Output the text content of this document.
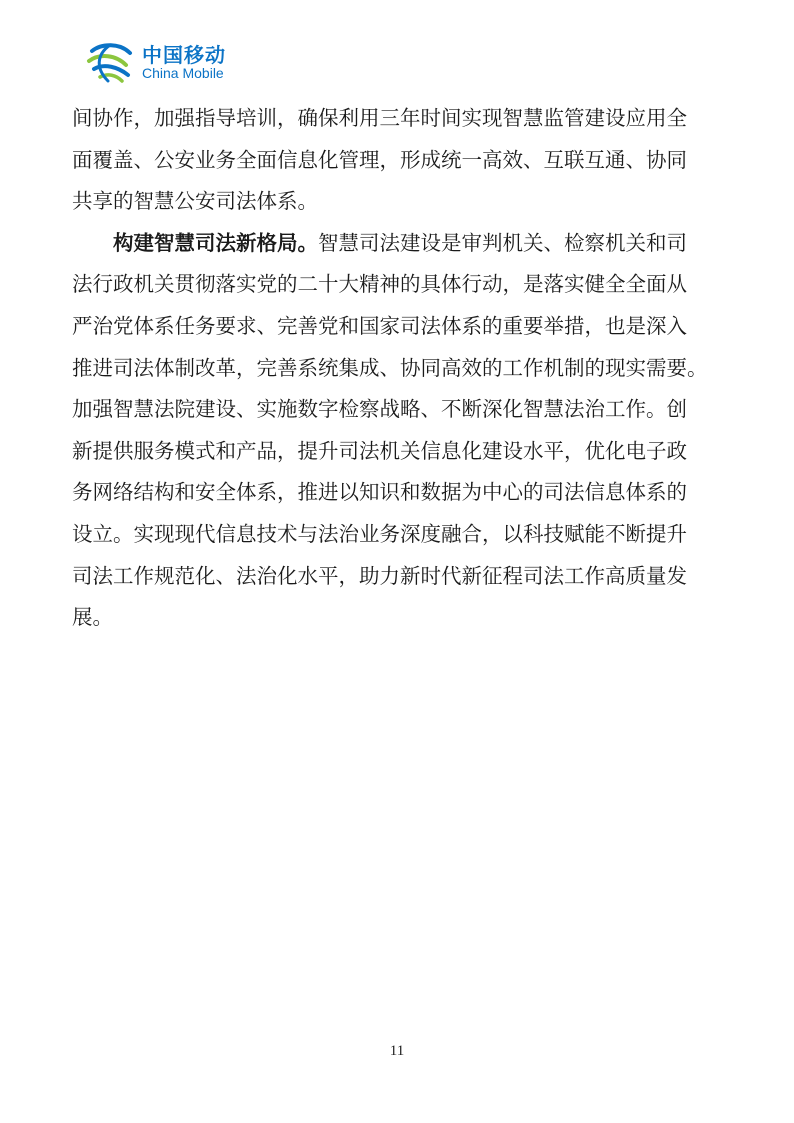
中国移动
China Mobile

间协作，加强指导培训，确保利用三年时间实现智慧监管建设应用全
面覆盖、公安业务全面信息化管理，形成统一高效、互联互通、协同
共享的智慧公安司法体系。

构建智慧司法新格局。智慧司法建设是审判机关、检察机关和司
法行政机关贯彻落实党的二十大精神的具体行动，是落实健全全面从
严治党体系任务要求、完善党和国家司法体系的重要举措，也是深入
推进司法体制改革，完善系统集成、协同高效的工作机制的现实需要。
加强智慧法院建设、实施数字检察战略、不断深化智慧法治工作。创
新提供服务模式和产品，提升司法机关信息化建设水平，优化电子政
务网络结构和安全体系，推进以知识和数据为中心的司法信息体系的
设立。实现现代信息技术与法治业务深度融合，以科技赋能不断提升
司法工作规范化、法治化水平，助力新时代新征程司法工作高质量发
展。

11
